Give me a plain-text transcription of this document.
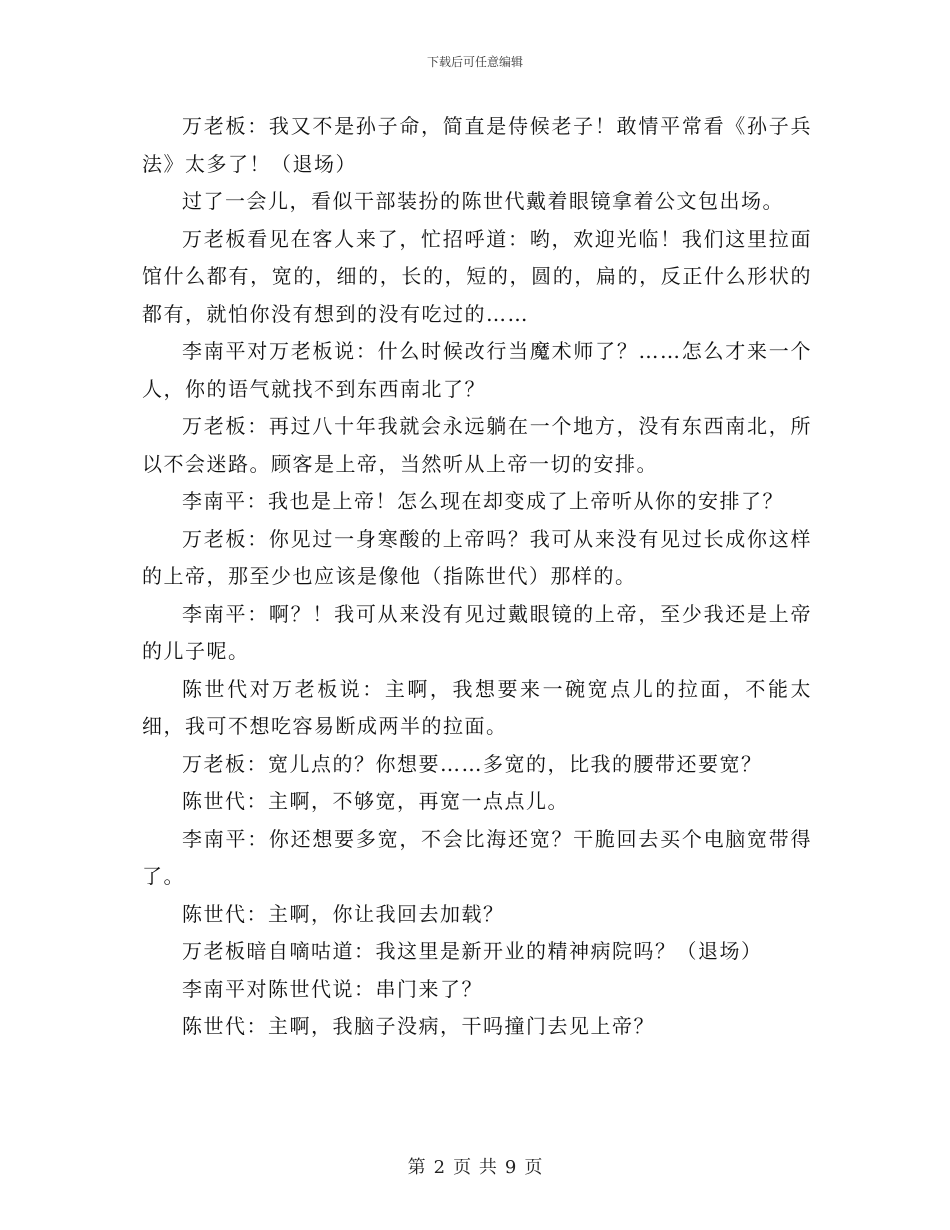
下载后可任意编辑

万老板：我又不是孙子命，简直是侍候老子！敢情平常看《孙子兵法》太多了！（退场）

过了一会儿，看似干部装扮的陈世代戴着眼镜拿着公文包出场。

万老板看见在客人来了，忙招呼道：哟，欢迎光临！我们这里拉面馆什么都有，宽的，细的，长的，短的，圆的，扁的，反正什么形状的都有，就怕你没有想到的没有吃过的……

李南平对万老板说：什么时候改行当魔术师了？……怎么才来一个人，你的语气就找不到东西南北了？

万老板：再过八十年我就会永远躺在一个地方，没有东西南北，所以不会迷路。顾客是上帝，当然听从上帝一切的安排。

李南平：我也是上帝！怎么现在却变成了上帝听从你的安排了？

万老板：你见过一身寒酸的上帝吗？我可从来没有见过长成你这样的上帝，那至少也应该是像他（指陈世代）那样的。

李南平：啊？！我可从来没有见过戴眼镜的上帝，至少我还是上帝的儿子呢。

陈世代对万老板说：主啊，我想要来一碗宽点儿的拉面，不能太细，我可不想吃容易断成两半的拉面。

万老板：宽儿点的？你想要……多宽的，比我的腰带还要宽？

陈世代：主啊，不够宽，再宽一点点儿。

李南平：你还想要多宽，不会比海还宽？干脆回去买个电脑宽带得了。

陈世代：主啊，你让我回去加载？

万老板暗自嘀咕道：我这里是新开业的精神病院吗？（退场）

李南平对陈世代说：串门来了？

陈世代：主啊，我脑子没病，干吗撞门去见上帝？

第 2 页 共 9 页
